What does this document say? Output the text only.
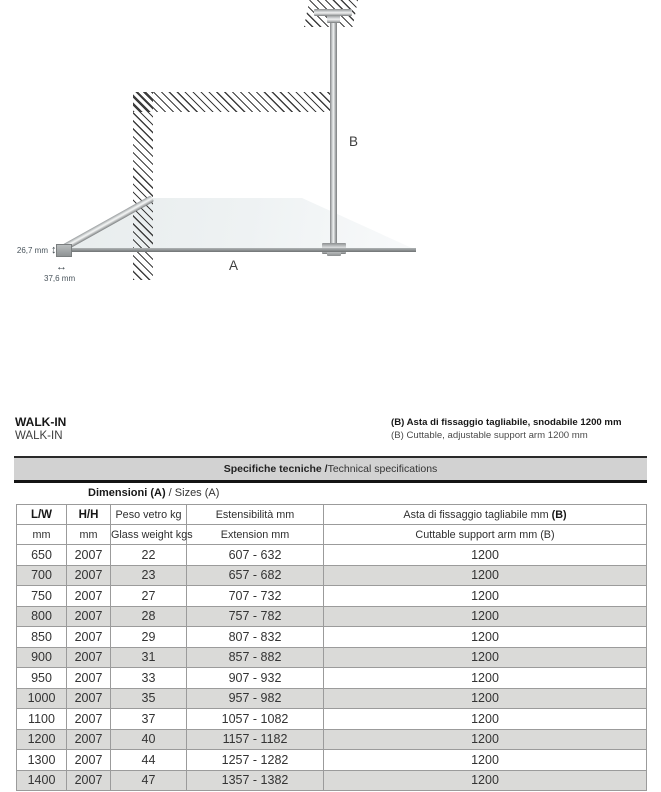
26,7 mm ↕
↔
37,6 mm
A
B
WALK-IN
WALK-IN
(B) Asta di fissaggio tagliabile, snodabile 1200 mm
(B) Cuttable, adjustable support arm 1200 mm
Specifiche tecniche / Technical specifications
Dimensioni (A) / Sizes (A)
L/W	H/H	Peso vetro kg	Estensibilità mm	Asta di fissaggio tagliabile mm (B)
mm	mm	Glass weight kgs	Extension mm	Cuttable support arm mm (B)
650	2007	22	607 - 632	1200
700	2007	23	657 - 682	1200
750	2007	27	707 - 732	1200
800	2007	28	757 - 782	1200
850	2007	29	807 - 832	1200
900	2007	31	857 - 882	1200
950	2007	33	907 - 932	1200
1000	2007	35	957 - 982	1200
1100	2007	37	1057 - 1082	1200
1200	2007	40	1157 - 1182	1200
1300	2007	44	1257 - 1282	1200
1400	2007	47	1357 - 1382	1200
